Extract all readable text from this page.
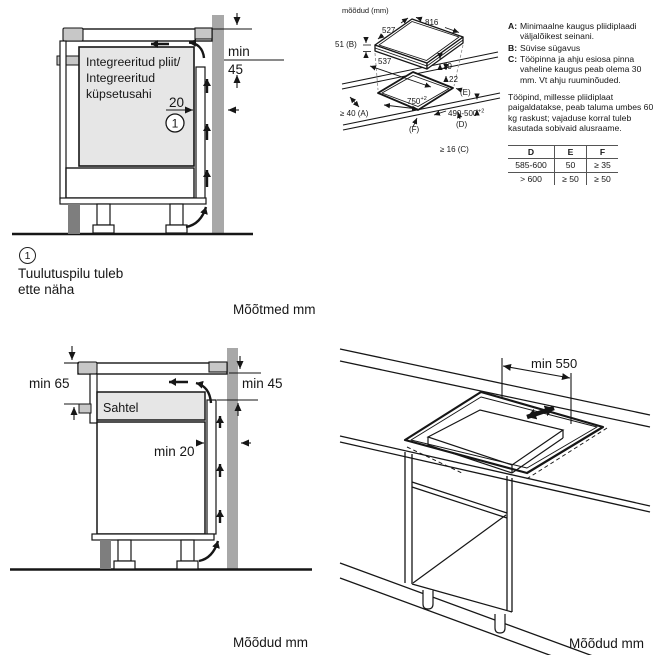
Integreeritud pliit/
Integreeritud
küpsetusahi
20
1
min
45
mõõdud (mm)
527
816
51 (B)
537
29
22
(E)
750 +2
490-500 +2
≥ 40 (A)
(D)
(F)
≥ 16 (C)
A: Minimaalne kaugus pliidiplaadi väljalõikest seinani.
B: Süvise sügavus
C: Tööpinna ja ahju esiosa pinna vaheline kaugus peab olema 30 mm. Vt ahju ruuminõuded.
Tööpind, millesse pliidiplaat paigaldatakse, peab taluma umbes 60 kg raskust; vajaduse korral tuleb kasutada sobivaid alusraame.
D	E	F
585-600	50	≥ 35
> 600	≥ 50	≥ 50
1
Tuulutuspilu tuleb
ette näha
Mõõtmed mm
Sahtel
min 65	min 45
min 20
min 550
Mõõdud mm	Mõõdud mm
